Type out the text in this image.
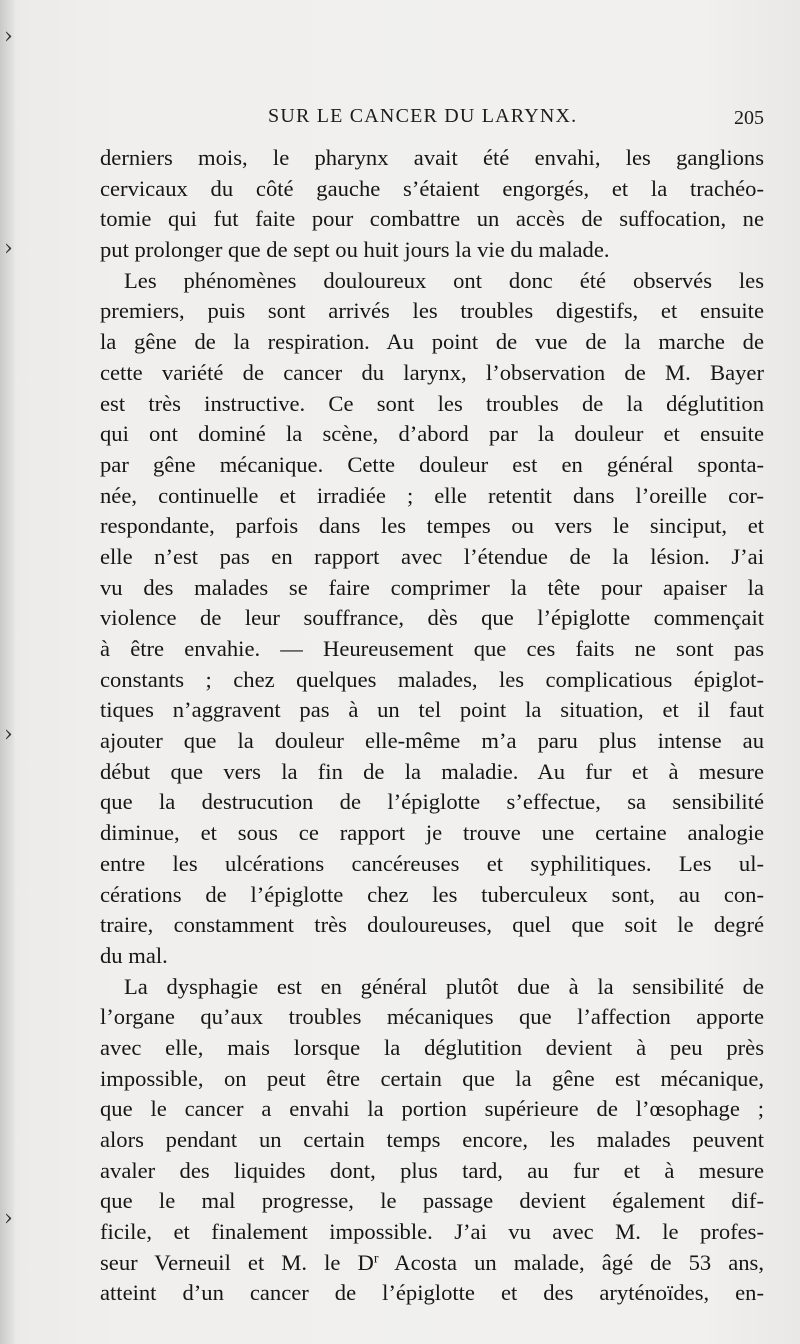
›
›
›
›
SUR LE CANCER DU LARYNX.	205
derniers mois, le pharynx avait été envahi, les ganglions
cervicaux du côté gauche s’étaient engorgés, et la trachéo-
tomie qui fut faite pour combattre un accès de suffocation, ne
put prolonger que de sept ou huit jours la vie du malade.
Les phénomènes douloureux ont donc été observés les
premiers, puis sont arrivés les troubles digestifs, et ensuite
la gêne de la respiration. Au point de vue de la marche de
cette variété de cancer du larynx, l’observation de M. Bayer
est très instructive. Ce sont les troubles de la déglutition
qui ont dominé la scène, d’abord par la douleur et ensuite
par gêne mécanique. Cette douleur est en général sponta-
née, continuelle et irradiée ; elle retentit dans l’oreille cor-
respondante, parfois dans les tempes ou vers le sinciput, et
elle n’est pas en rapport avec l’étendue de la lésion. J’ai
vu des malades se faire comprimer la tête pour apaiser la
violence de leur souffrance, dès que l’épiglotte commençait
à être envahie. — Heureusement que ces faits ne sont pas
constants ; chez quelques malades, les complicatious épiglot-
tiques n’aggravent pas à un tel point la situation, et il faut
ajouter que la douleur elle-même m’a paru plus intense au
début que vers la fin de la maladie. Au fur et à mesure
que la destrucution de l’épiglotte s’effectue, sa sensibilité
diminue, et sous ce rapport je trouve une certaine analogie
entre les ulcérations cancéreuses et syphilitiques. Les ul-
cérations de l’épiglotte chez les tuberculeux sont, au con-
traire, constamment très douloureuses, quel que soit le degré
du mal.
La dysphagie est en général plutôt due à la sensibilité de
l’organe qu’aux troubles mécaniques que l’affection apporte
avec elle, mais lorsque la déglutition devient à peu près
impossible, on peut être certain que la gêne est mécanique,
que le cancer a envahi la portion supérieure de l’œsophage ;
alors pendant un certain temps encore, les malades peuvent
avaler des liquides dont, plus tard, au fur et à mesure
que le mal progresse, le passage devient également dif-
ficile, et finalement impossible. J’ai vu avec M. le profes-
seur Verneuil et M. le $D^r$ Acosta un malade, âgé de 53 ans,
atteint d’un cancer de l’épiglotte et des aryténoïdes, en-
